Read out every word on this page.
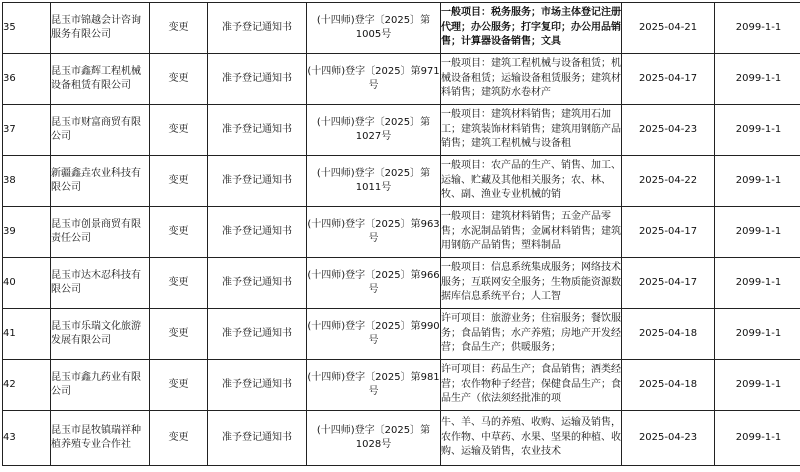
35	昆玉市锦越会计咨询服务有限公司	变更	准予登记通知书	(十四师)登字〔2025〕第1005号	一般项目：税务服务；市场主体登记注册代理；办公服务；打字复印；办公用品销售；计算器设备销售；文具	2025-04-21	2099-1-1
36	昆玉市鑫辉工程机械设备租赁有限公司	变更	准予登记通知书	(十四师)登字〔2025〕第971号	一般项目：建筑工程机械与设备租赁；机械设备租赁；运输设备租赁服务；建筑材料销售；建筑防水卷材产	2025-04-17	2099-1-1
37	昆玉市财富商贸有限公司	变更	准予登记通知书	(十四师)登字〔2025〕第1027号	一般项目：建筑材料销售；建筑用石加工；建筑装饰材料销售；建筑用钢筋产品销售；建筑工程机械与设备租	2025-04-23	2099-1-1
38	新疆鑫垚农业科技有限公司	变更	准予登记通知书	(十四师)登字〔2025〕第1011号	一般项目：农产品的生产、销售、加工、运输、贮藏及其他相关服务；农、林、牧、副、渔业专业机械的销	2025-04-22	2099-1-1
39	昆玉市创景商贸有限责任公司	变更	准予登记通知书	(十四师)登字〔2025〕第963号	一般项目：建筑材料销售；五金产品零售；水泥制品销售；金属材料销售；建筑用钢筋产品销售；塑料制品	2025-04-17	2099-1-1
40	昆玉市达木忍科技有限公司	变更	准予登记通知书	(十四师)登字〔2025〕第966号	一般项目：信息系统集成服务；网络技术服务；互联网安全服务；生物质能资源数据库信息系统平台；人工智	2025-04-17	2099-1-1
41	昆玉市乐瑞文化旅游发展有限公司	变更	准予登记通知书	(十四师)登字〔2025〕第990号	许可项目：旅游业务；住宿服务；餐饮服务；食品销售；水产养殖；房地产开发经营；食品生产；供暖服务；	2025-04-18	2099-1-1
42	昆玉市鑫九药业有限公司	变更	准予登记通知书	(十四师)登字〔2025〕第981号	许可项目：药品生产；食品销售；酒类经营；农作物种子经营；保健食品生产；食品生产（依法须经批准的项	2025-04-18	2099-1-1
43	昆玉市昆牧镇瑞祥种植养殖专业合作社	变更	准予登记通知书	(十四师)登字〔2025〕第1028号	牛、羊、马的养殖、收购、运输及销售，农作物、中草药、水果、坚果的种植、收购、运输及销售，农业技术	2025-04-23	2099-1-1
